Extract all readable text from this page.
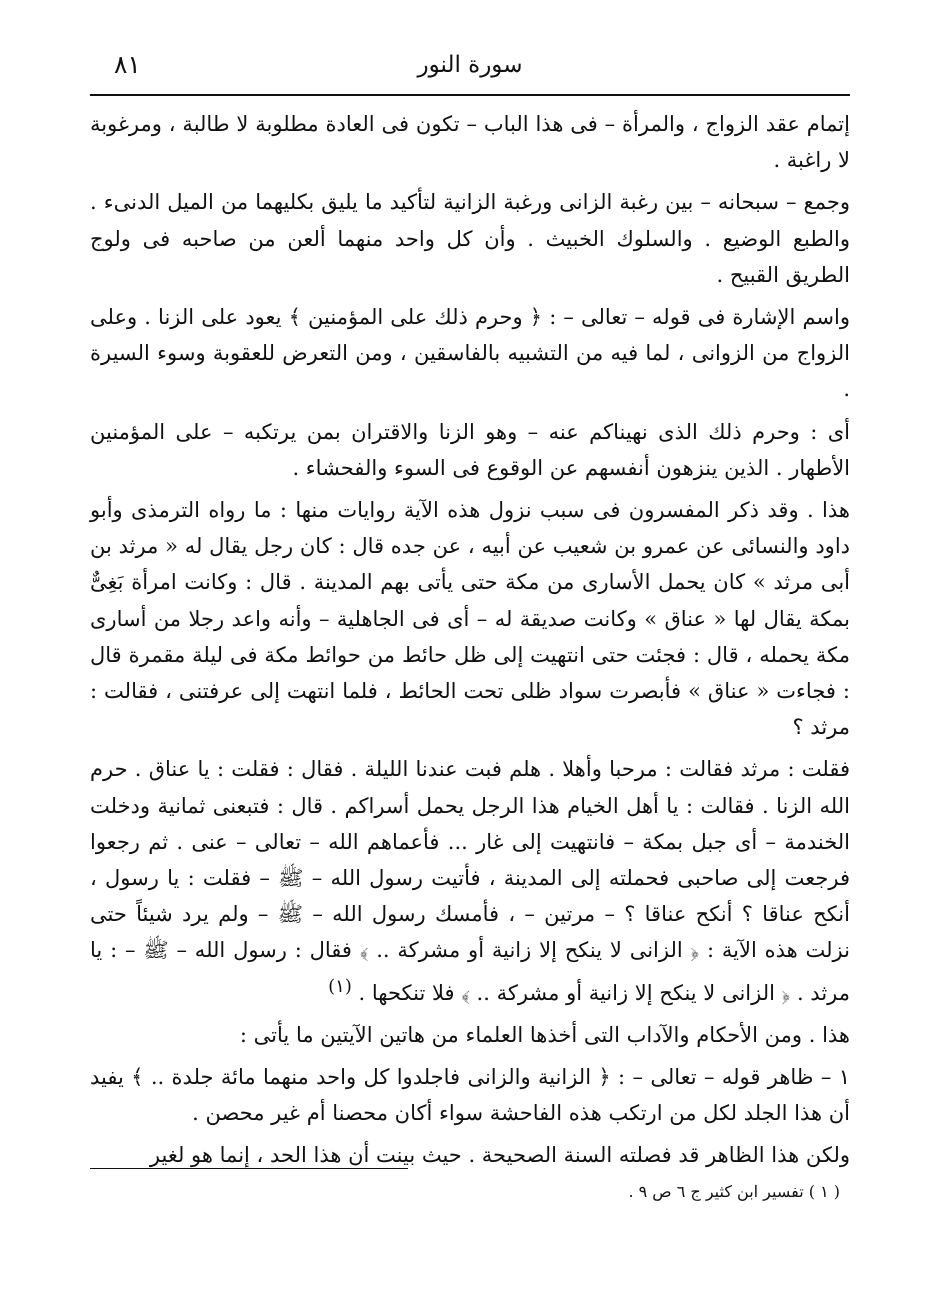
٨١	سورة النور

إتمام عقد الزواج ، والمرأة – فى هذا الباب – تكون فى العادة مطلوبة لا طالبة ، ومرغوبة لا راغبة .

وجمع – سبحانه – بين رغبة الزانى ورغبة الزانية لتأكيد ما يليق بكليهما من الميل الدنىء . والطبع الوضيع . والسلوك الخبيث . وأن كل واحد منهما ألعن من صاحبه فى ولوج الطريق القبيح .

واسم الإشارة فى قوله – تعالى – : ﴿ وحرم ذلك على المؤمنين ﴾ يعود على الزنا . وعلى الزواج من الزوانى ، لما فيه من التشبيه بالفاسقين ، ومن التعرض للعقوبة وسوء السيرة .

أى : وحرم ذلك الذى نهيناكم عنه – وهو الزنا والاقتران بمن يرتكبه – على المؤمنين الأطهار . الذين ينزهون أنفسهم عن الوقوع فى السوء والفحشاء .

هذا . وقد ذكر المفسرون فى سبب نزول هذه الآية روايات منها : ما رواه الترمذى وأبو داود والنسائى عن عمرو بن شعيب عن أبيه ، عن جده قال : كان رجل يقال له « مرثد بن أبى مرثد » كان يحمل الأسارى من مكة حتى يأتى بهم المدينة . قال : وكانت امرأة بَغِىٌّ بمكة يقال لها « عناق » وكانت صديقة له – أى فى الجاهلية – وأنه واعد رجلا من أسارى مكة يحمله ، قال : فجئت حتى انتهيت إلى ظل حائط من حوائط مكة فى ليلة مقمرة قال : فجاءت « عناق » فأبصرت سواد ظلى تحت الحائط ، فلما انتهت إلى عرفتنى ، فقالت : مرثد ؟

فقلت : مرثد فقالت : مرحبا وأهلا . هلم فبت عندنا الليلة . فقال : فقلت : يا عناق . حرم الله الزنا . فقالت : يا أهل الخيام هذا الرجل يحمل أسراكم . قال : فتبعنى ثمانية ودخلت الخندمة – أى جبل بمكة – فانتهيت إلى غار ... فأعماهم الله – تعالى – عنى . ثم رجعوا فرجعت إلى صاحبى فحملته إلى المدينة ، فأتيت رسول الله – ﷺ – فقلت : يا رسول ، أنكح عناقا ؟ أنكح عناقا ؟ – مرتين – ، فأمسك رسول الله – ﷺ – ولم يرد شيئاً حتى نزلت هذه الآية : ﴿ الزانى لا ينكح إلا زانية أو مشركة .. ﴾ فقال : رسول الله – ﷺ – : يا مرثد . ﴿ الزانى لا ينكح إلا زانية أو مشركة .. ﴾ فلا تنكحها . $^{(١)}$

هذا . ومن الأحكام والآداب التى أخذها العلماء من هاتين الآيتين ما يأتى :

١ – ظاهر قوله – تعالى – : ﴿ الزانية والزانى فاجلدوا كل واحد منهما مائة جلدة .. ﴾ يفيد أن هذا الجلد لكل من ارتكب هذه الفاحشة سواء أكان محصنا أم غير محصن .

ولكن هذا الظاهر قد فصلته السنة الصحيحة . حيث بينت أن هذا الحد ، إنما هو لغير

( ١ ) تفسير ابن كثير ج ٦ ص ٩ .
